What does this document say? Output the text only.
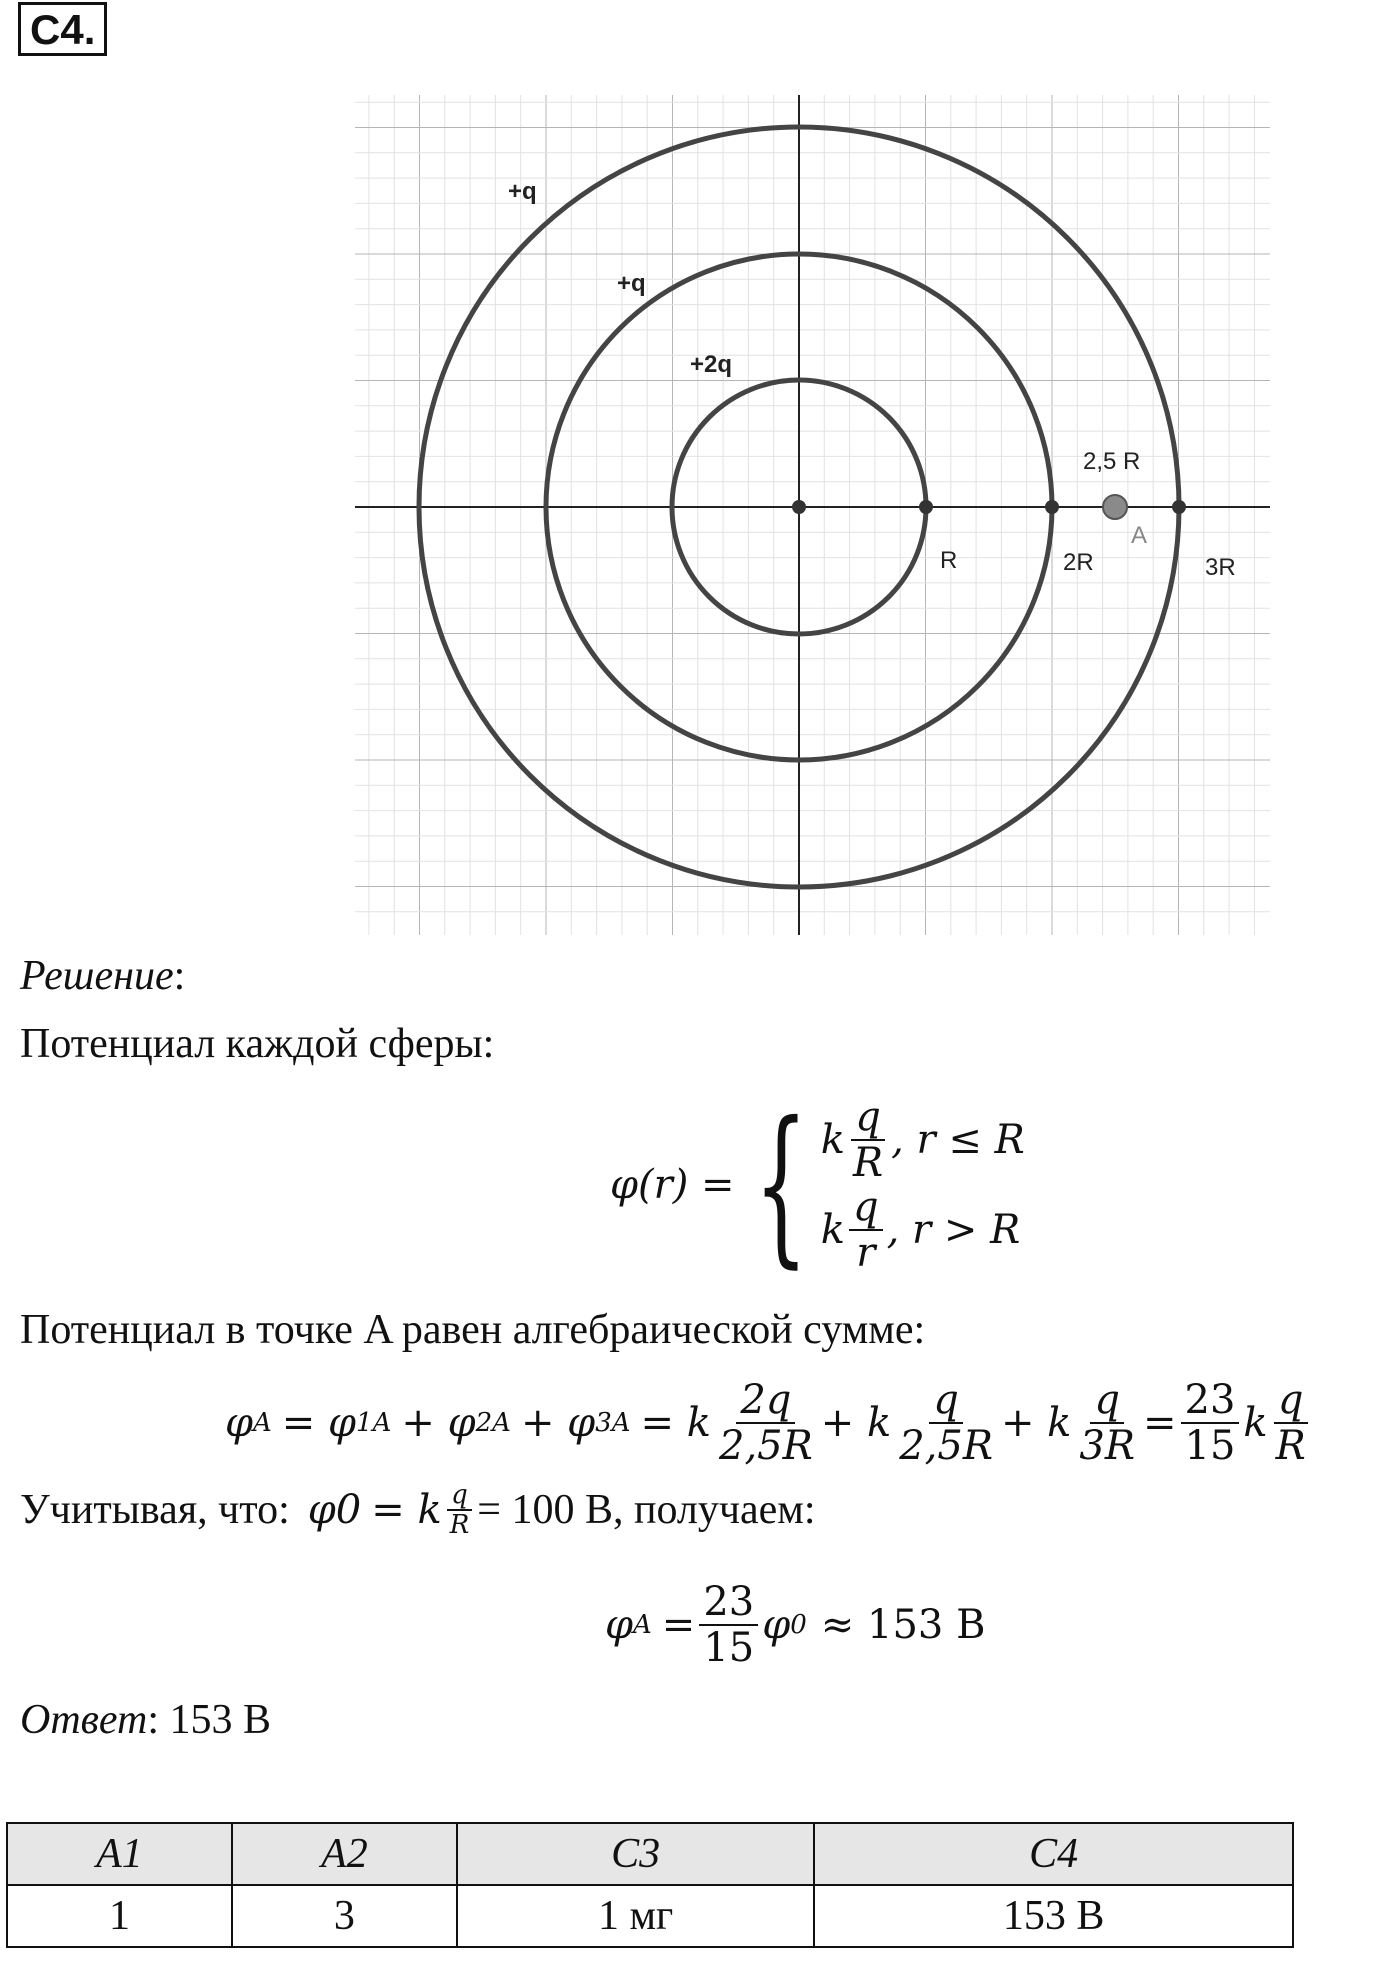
С4.
+q
+q
+2q
2,5 R
A
R	2R	3R
Решение:
Потенциал каждой сферы:
φ(r) = { k $\frac{q}{R}$ , r ≤ R
k $\frac{q}{r}$ , r > R
Потенциал в точке A равен алгебраической сумме:
φ A = φ 1A + φ 2A + φ 3A = k $\frac{2q}{2,5R} + k \frac{q}{2,5R} + k \frac{q}{3R} = \frac{23}{15}$ k $\frac{q}{R}$
Учитывая, что: φ 0 = k $\frac{q}{R} = 100$ В , получаем:
φ $A = \frac{23}{15}$ φ 0 ≈ 153 В
Ответ: 153 В
A1	A2	C3	C4
1	3	1 мг	153 В
